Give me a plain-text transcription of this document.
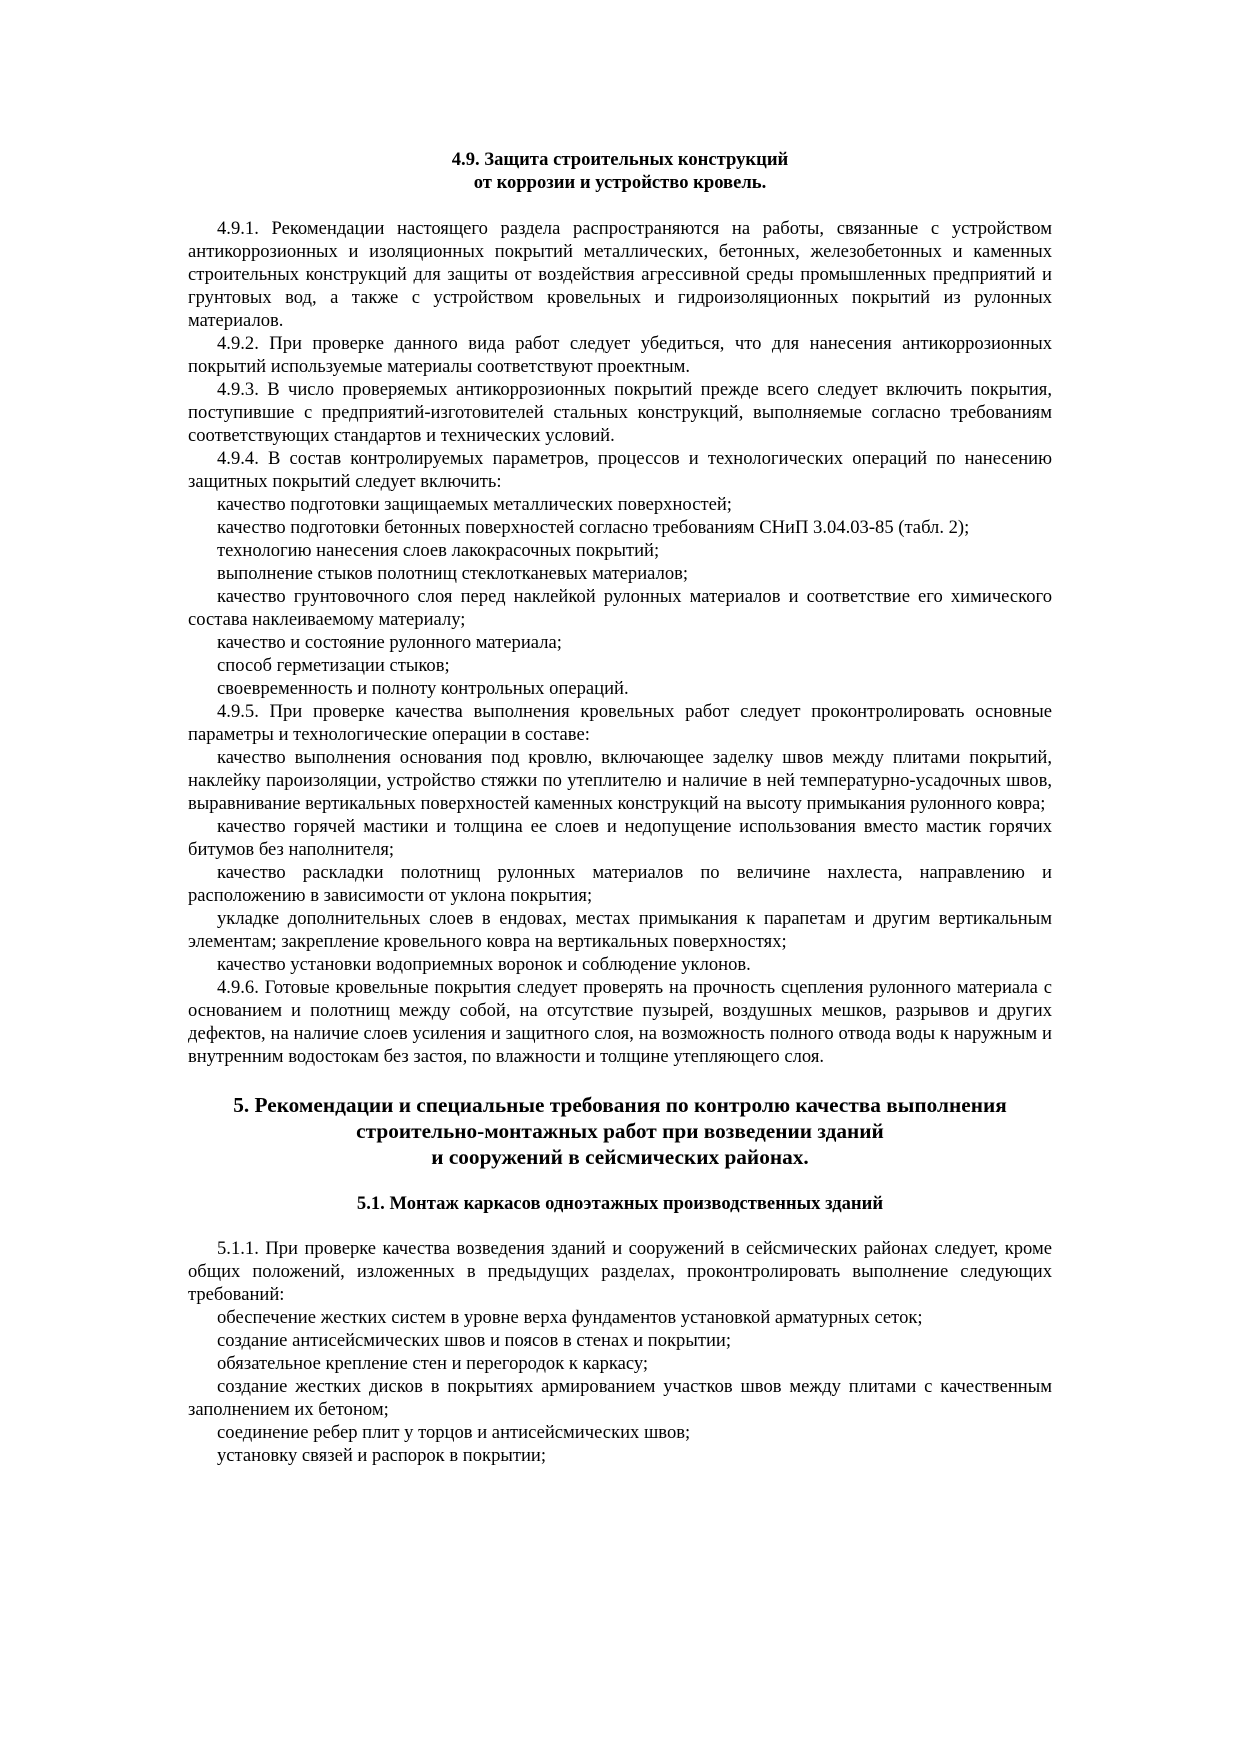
4.9. Защита строительных конструкций
от коррозии и устройство кровель.

4.9.1. Рекомендации настоящего раздела распространяются на работы, связанные с устройством антикоррозионных и изоляционных покрытий металлических, бетонных, железобетонных и каменных строительных конструкций для защиты от воздействия агрессивной среды промышленных предприятий и грунтовых вод, а также с устройством кровельных и гидроизоляционных покрытий из рулонных материалов.

4.9.2. При проверке данного вида работ следует убедиться, что для нанесения антикоррозионных покрытий используемые материалы соответствуют проектным.

4.9.3. В число проверяемых антикоррозионных покрытий прежде всего следует включить покрытия, поступившие с предприятий-изготовителей стальных конструкций, выполняемые согласно требованиям соответствующих стандартов и технических условий.

4.9.4. В состав контролируемых параметров, процессов и технологических операций по нанесению защитных покрытий следует включить:

качество подготовки защищаемых металлических поверхностей;

качество подготовки бетонных поверхностей согласно требованиям СНиП 3.04.03-85 (табл. 2);

технологию нанесения слоев лакокрасочных покрытий;

выполнение стыков полотнищ стеклотканевых материалов;

качество грунтовочного слоя перед наклейкой рулонных материалов и соответствие его химического состава наклеиваемому материалу;

качество и состояние рулонного материала;

способ герметизации стыков;

своевременность и полноту контрольных операций.

4.9.5. При проверке качества выполнения кровельных работ следует проконтролировать основные параметры и технологические операции в составе:

качество выполнения основания под кровлю, включающее заделку швов между плитами покрытий, наклейку пароизоляции, устройство стяжки по утеплителю и наличие в ней температурно-усадочных швов, выравнивание вертикальных поверхностей каменных конструкций на высоту примыкания рулонного ковра;

качество горячей мастики и толщина ее слоев и недопущение использования вместо мастик горячих битумов без наполнителя;

качество раскладки полотнищ рулонных материалов по величине нахлеста, направлению и расположению в зависимости от уклона покрытия;

укладке дополнительных слоев в ендовах, местах примыкания к парапетам и другим вертикальным элементам; закрепление кровельного ковра на вертикальных поверхностях;

качество установки водоприемных воронок и соблюдение уклонов.

4.9.6. Готовые кровельные покрытия следует проверять на прочность сцепления рулонного материала с основанием и полотнищ между собой, на отсутствие пузырей, воздушных мешков, разрывов и других дефектов, на наличие слоев усиления и защитного слоя, на возможность полного отвода воды к наружным и внутренним водостокам без застоя, по влажности и толщине утепляющего слоя.

5. Рекомендации и специальные требования по контролю качества выполнения
строительно-монтажных работ при возведении зданий
и сооружений в сейсмических районах.
5.1. Монтаж каркасов одноэтажных производственных зданий

5.1.1. При проверке качества возведения зданий и сооружений в сейсмических районах следует, кроме общих положений, изложенных в предыдущих разделах, проконтролировать выполнение следующих требований:

обеспечение жестких систем в уровне верха фундаментов установкой арматурных сеток;

создание антисейсмических швов и поясов в стенах и покрытии;

обязательное крепление стен и перегородок к каркасу;

создание жестких дисков в покрытиях армированием участков швов между плитами с качественным заполнением их бетоном;

соединение ребер плит у торцов и антисейсмических швов;

установку связей и распорок в покрытии;
